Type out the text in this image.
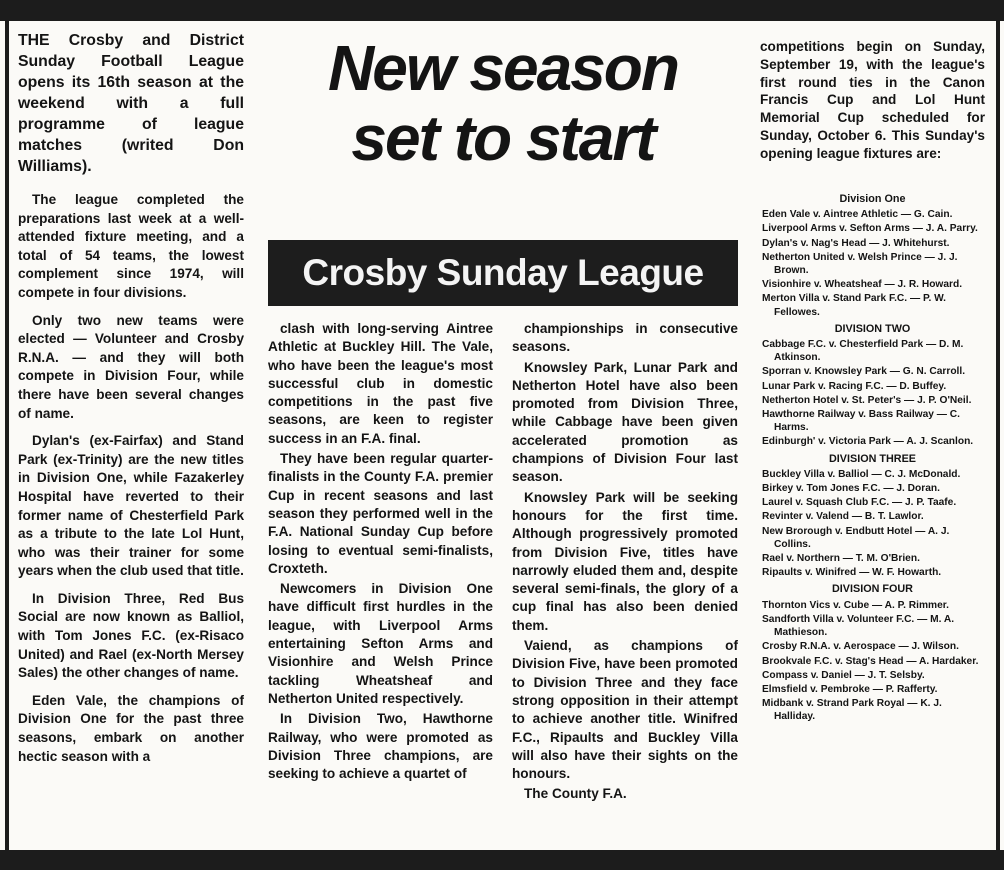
THE Crosby and District Sunday Football League opens its 16th season at the weekend with a full programme of league matches (writed Don Williams).

The league completed the preparations last week at a well-attended fixture meeting, and a total of 54 teams, the lowest complement since 1974, will compete in four divisions.

Only two new teams were elected — Volunteer and Crosby R.N.A. — and they will both compete in Division Four, while there have been several changes of name.

Dylan's (ex-Fairfax) and Stand Park (ex-Trinity) are the new titles in Division One, while Fazakerley Hospital have reverted to their former name of Chesterfield Park as a tribute to the late Lol Hunt, who was their trainer for some years when the club used that title.

In Division Three, Red Bus Social are now known as Balliol, with Tom Jones F.C. (ex-Risaco United) and Rael (ex-North Mersey Sales) the other changes of name.

Eden Vale, the champions of Division One for the past three seasons, embark on another hectic season with a

New season
set to start
Crosby Sunday League

clash with long-serving Aintree Athletic at Buckley Hill. The Vale, who have been the league's most successful club in domestic competitions in the past five seasons, are keen to register success in an F.A. final.

They have been regular quarter-finalists in the County F.A. premier Cup in recent seasons and last season they performed well in the F.A. National Sunday Cup before losing to eventual semi-finalists, Croxteth.

Newcomers in Division One have difficult first hurdles in the league, with Liverpool Arms entertaining Sefton Arms and Visionhire and Welsh Prince tackling Wheatsheaf and Netherton United respectively.

In Division Two, Hawthorne Railway, who were promoted as Division Three champions, are seeking to achieve a quartet of

championships in consecutive seasons.

Knowsley Park, Lunar Park and Netherton Hotel have also been promoted from Division Three, while Cabbage have been given accelerated promotion as champions of Division Four last season.

Knowsley Park will be seeking honours for the first time. Although progressively promoted from Division Five, titles have narrowly eluded them and, despite several semi-finals, the glory of a cup final has also been denied them.

Vaiend, as champions of Division Five, have been promoted to Division Three and they face strong opposition in their attempt to achieve another title. Winifred F.C., Ripaults and Buckley Villa will also have their sights on the honours.

The County F.A.

competitions begin on Sunday, September 19, with the league's first round ties in the Canon Francis Cup and Lol Hunt Memorial Cup scheduled for Sunday, October 6. This Sunday's opening league fixtures are:

Division One
Eden Vale v. Aintree Athletic — G. Cain.
Liverpool Arms v. Sefton Arms — J. A. Parry.
Dylan's v. Nag's Head — J. Whitehurst.
Netherton United v. Welsh Prince — J. J. Brown.
Visionhire v. Wheatsheaf — J. R. Howard.
Merton Villa v. Stand Park F.C. — P. W. Fellowes.
DIVISION TWO
Cabbage F.C. v. Chesterfield Park — D. M. Atkinson.
Sporran v. Knowsley Park — G. N. Carroll.
Lunar Park v. Racing F.C. — D. Buffey.
Netherton Hotel v. St. Peter's — J. P. O'Neil.
Hawthorne Railway v. Bass Railway — C. Harms.
Edinburgh' v. Victoria Park — A. J. Scanlon.
DIVISION THREE
Buckley Villa v. Balliol — C. J. McDonald.
Birkey v. Tom Jones F.C. — J. Doran.
Laurel v. Squash Club F.C. — J. P. Taafe.
Revinter v. Valend — B. T. Lawlor.
New Brorough v. Endbutt Hotel — A. J. Collins.
Rael v. Northern — T. M. O'Brien.
Ripaults v. Winifred — W. F. Howarth.
DIVISION FOUR
Thornton Vics v. Cube — A. P. Rimmer.
Sandforth Villa v. Volunteer F.C. — M. A. Mathieson.
Crosby R.N.A. v. Aerospace — J. Wilson.
Brookvale F.C. v. Stag's Head — A. Hardaker.
Compass v. Daniel — J. T. Selsby.
Elmsfield v. Pembroke — P. Rafferty.
Midbank v. Strand Park Royal — K. J. Halliday.
